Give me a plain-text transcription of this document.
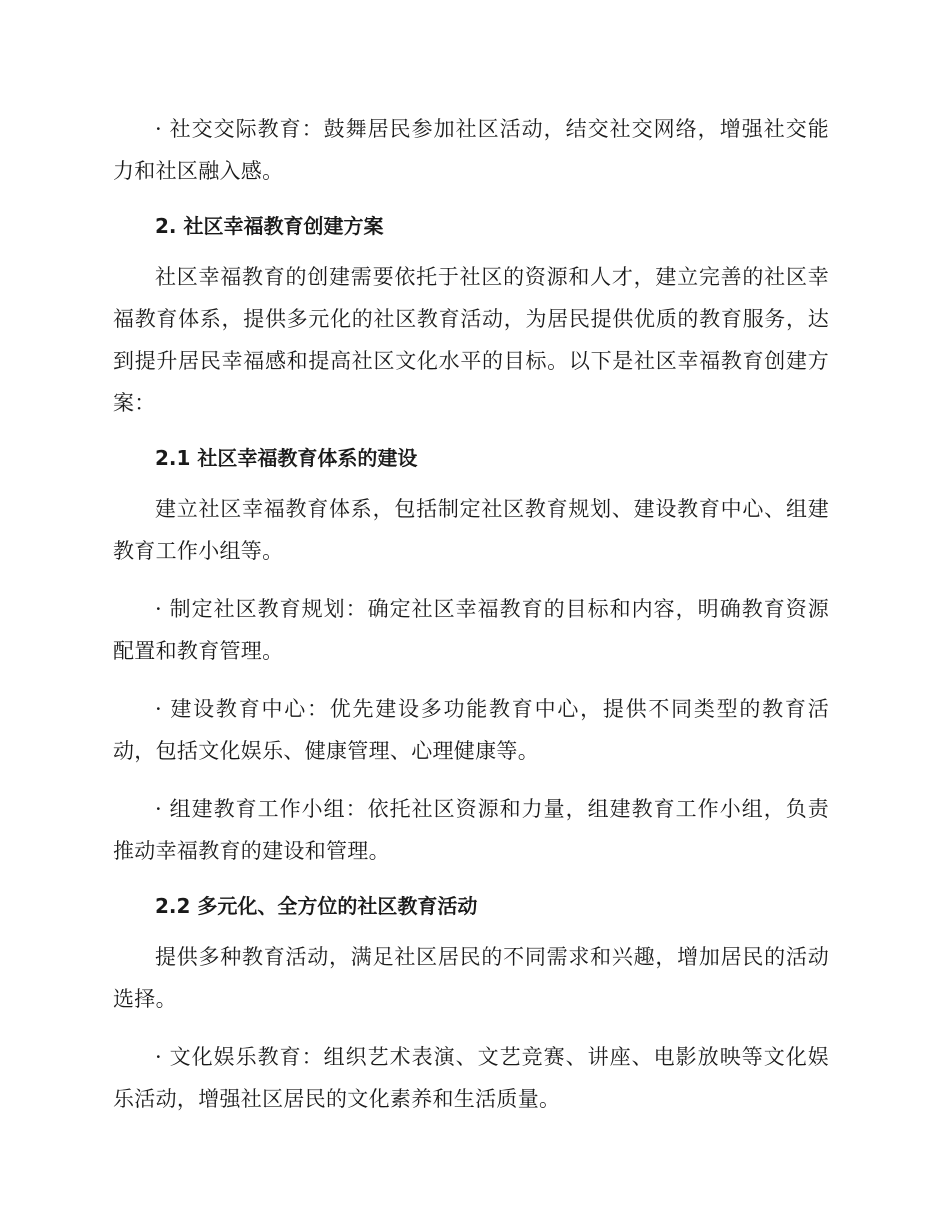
· 社交交际教育：鼓舞居民参加社区活动，结交社交网络，增强社交能力和社区融入感。

2. 社区幸福教育创建方案

社区幸福教育的创建需要依托于社区的资源和人才，建立完善的社区幸福教育体系，提供多元化的社区教育活动，为居民提供优质的教育服务，达到提升居民幸福感和提高社区文化水平的目标。以下是社区幸福教育创建方案：

2.1 社区幸福教育体系的建设

建立社区幸福教育体系，包括制定社区教育规划、建设教育中心、组建教育工作小组等。

· 制定社区教育规划：确定社区幸福教育的目标和内容，明确教育资源配置和教育管理。

· 建设教育中心：优先建设多功能教育中心，提供不同类型的教育活动，包括文化娱乐、健康管理、心理健康等。

· 组建教育工作小组：依托社区资源和力量，组建教育工作小组，负责推动幸福教育的建设和管理。

2.2 多元化、全方位的社区教育活动

提供多种教育活动，满足社区居民的不同需求和兴趣，增加居民的活动选择。

· 文化娱乐教育：组织艺术表演、文艺竞赛、讲座、电影放映等文化娱乐活动，增强社区居民的文化素养和生活质量。
